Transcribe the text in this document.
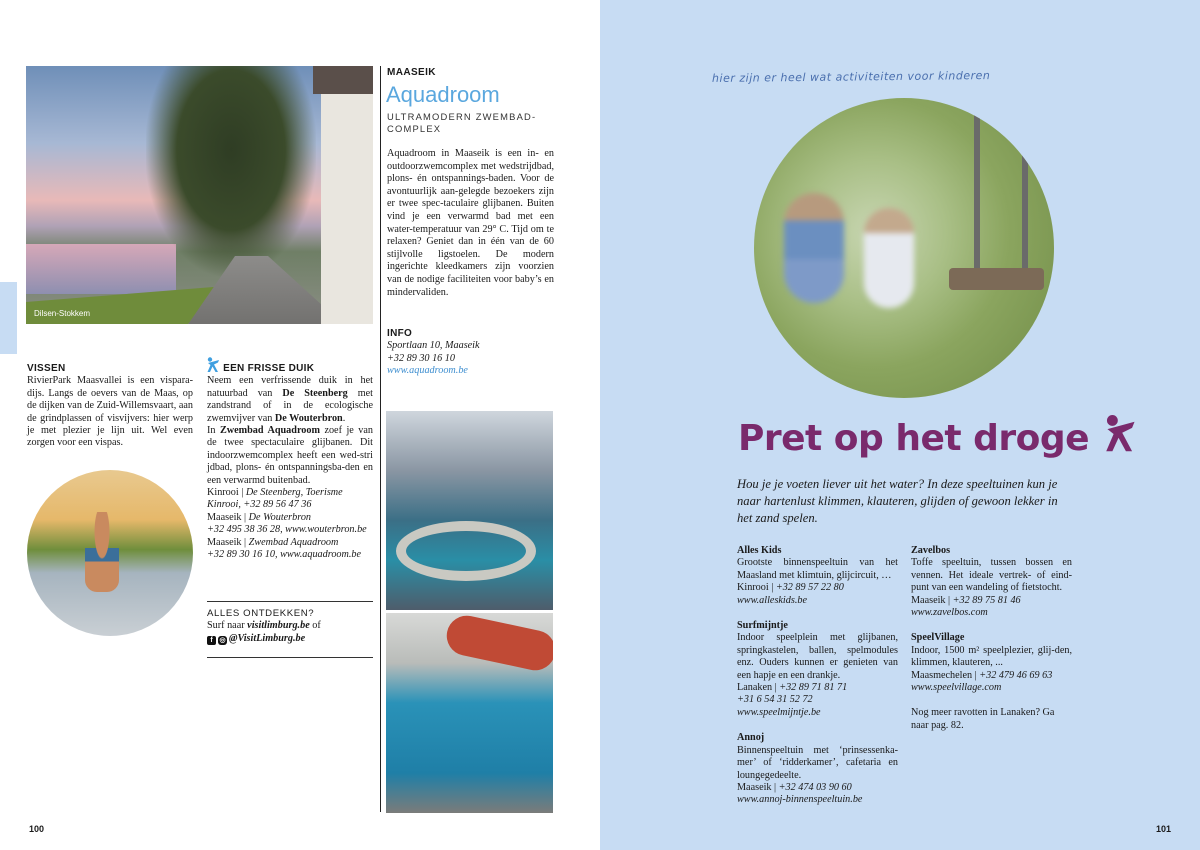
Dilsen-Stokkem
VISSEN

RivierPark Maasvallei is een vispara-dijs. Langs de oevers van de Maas, op de dijken van de Zuid-Willemsvaart, aan de grindplassen of visvijvers: hier werp je met plezier je lijn uit. Wel even zorgen voor een vispas.

EEN FRISSE DUIK

Neem een verfrissende duik in het natuurbad van De Steenberg met zandstrand of in de ecologische zwemvijver van De Wouterbron.

In Zwembad Aquadroom zoef je van de twee spectaculaire glijbanen. Dit indoorzwemcomplex heeft een wed-stri jdbad, plons- én ontspanningsba-den en een verwarmd buitenbad.

Kinrooi | De Steenberg, Toerisme Kinrooi, +32 89 56 47 36

Maaseik | De Wouterbron

+32 495 38 36 28, www.wouterbron.be

Maaseik | Zwembad Aquadroom

+32 89 30 16 10, www.aquadroom.be

ALLES ONTDEKKEN?

Surf naar visitlimburg.be of

f ◎ @VisitLimburg.be

MAASEIK
Aquadroom
ULTRAMODERN ZWEMBAD-COMPLEX
Aquadroom in Maaseik is een in- en outdoorzwemcomplex met wedstrijdbad, plons- én ontspannings-baden. Voor de avontuurlijk aan-gelegde bezoekers zijn er twee spec-taculaire glijbanen. Buiten vind je een verwarmd bad met een water-temperatuur van 29° C. Tijd om te relaxen? Geniet dan in één van de 60 stijlvolle ligstoelen. De modern ingerichte kleedkamers zijn voorzien van de nodige faciliteiten voor baby’s en mindervaliden.
INFO

Sportlaan 10, Maaseik

+32 89 30 16 10

www.aquadroom.be

100
hier zijn er heel wat activiteiten voor kinderen
Pret op het droge
Hou je je voeten liever uit het water? In deze speeltuinen kun je naar hartenlust klimmen, klauteren, glijden of gewoon lekker in het zand spelen.

Alles Kids

Grootste binnenspeeltuin van het Maasland met klimtuin, glijcircuit, …

Kinrooi | +32 89 57 22 80

www.alleskids.be

Surfmijntje

Indoor speelplein met glijbanen, springkastelen, ballen, spelmodules enz. Ouders kunnen er genieten van een hapje en een drankje.

Lanaken | +32 89 71 81 71

+31 6 54 31 52 72

www.speelmijntje.be

Annoj

Binnenspeeltuin met ‘prinsessenka-mer’ of ‘ridderkamer’, cafetaria en loungegedeelte.

Maaseik | +32 474 03 90 60

www.annoj-binnenspeeltuin.be

Zavelbos

Toffe speeltuin, tussen bossen en vennen. Het ideale vertrek- of eind-punt van een wandeling of fietstocht.

Maaseik | +32 89 75 81 46

www.zavelbos.com

SpeelVillage

Indoor, 1500 m² speelplezier, glij-den, klimmen, klauteren, ...

Maasmechelen | +32 479 46 69 63

www.speelvillage.com

Nog meer ravotten in Lanaken? Ga naar pag. 82.

101
